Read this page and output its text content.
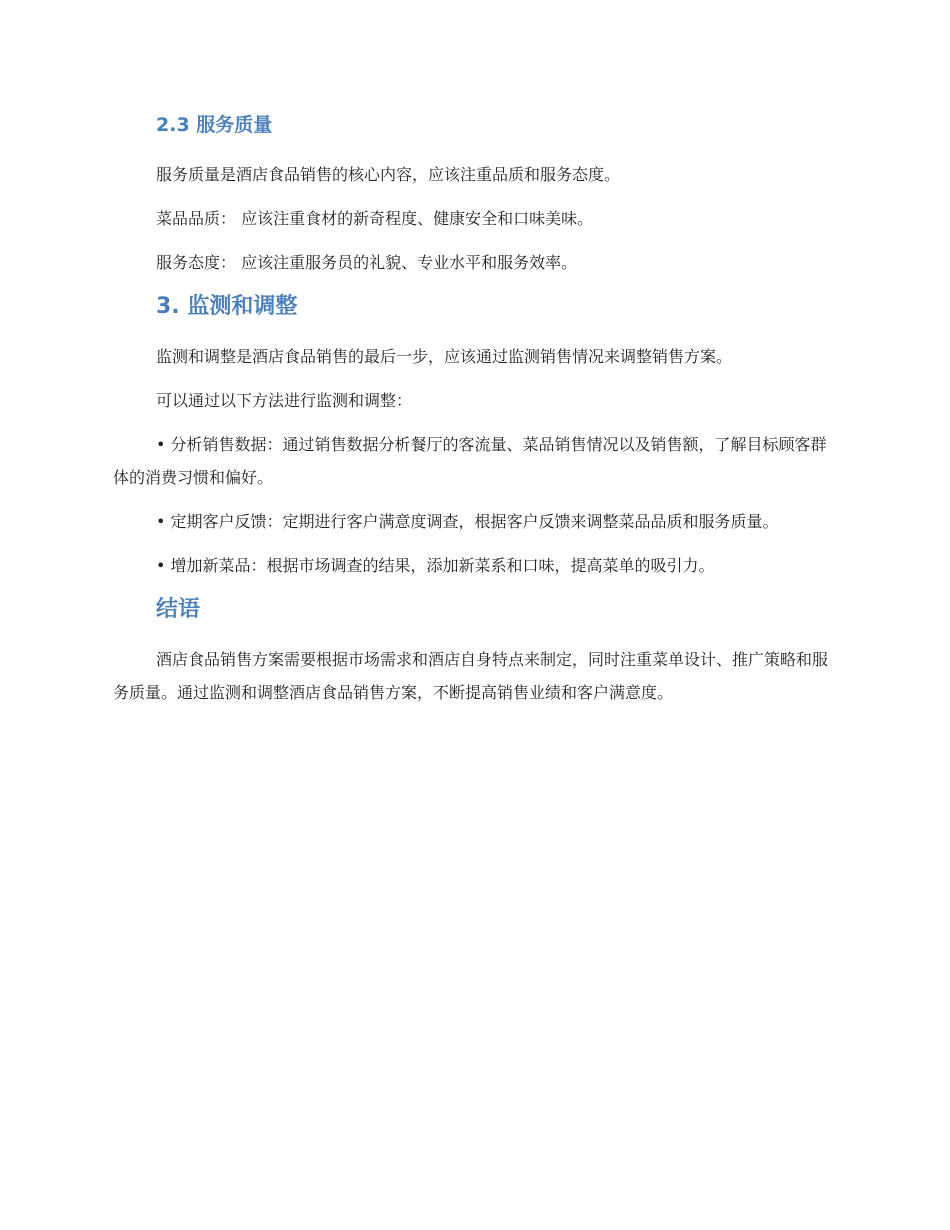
2.3 服务质量

服务质量是酒店食品销售的核心内容，应该注重品质和服务态度。

菜品品质： 应该注重食材的新奇程度、健康安全和口味美味。

服务态度： 应该注重服务员的礼貌、专业水平和服务效率。

3. 监测和调整

监测和调整是酒店食品销售的最后一步，应该通过监测销售情况来调整销售方案。

可以通过以下方法进行监测和调整：

• 分析销售数据：通过销售数据分析餐厅的客流量、菜品销售情况以及销售额，了解目标顾客群体的消费习惯和偏好。

• 定期客户反馈：定期进行客户满意度调查，根据客户反馈来调整菜品品质和服务质量。

• 增加新菜品：根据市场调查的结果，添加新菜系和口味，提高菜单的吸引力。

结语

酒店食品销售方案需要根据市场需求和酒店自身特点来制定，同时注重菜单设计、推广策略和服务质量。通过监测和调整酒店食品销售方案，不断提高销售业绩和客户满意度。
